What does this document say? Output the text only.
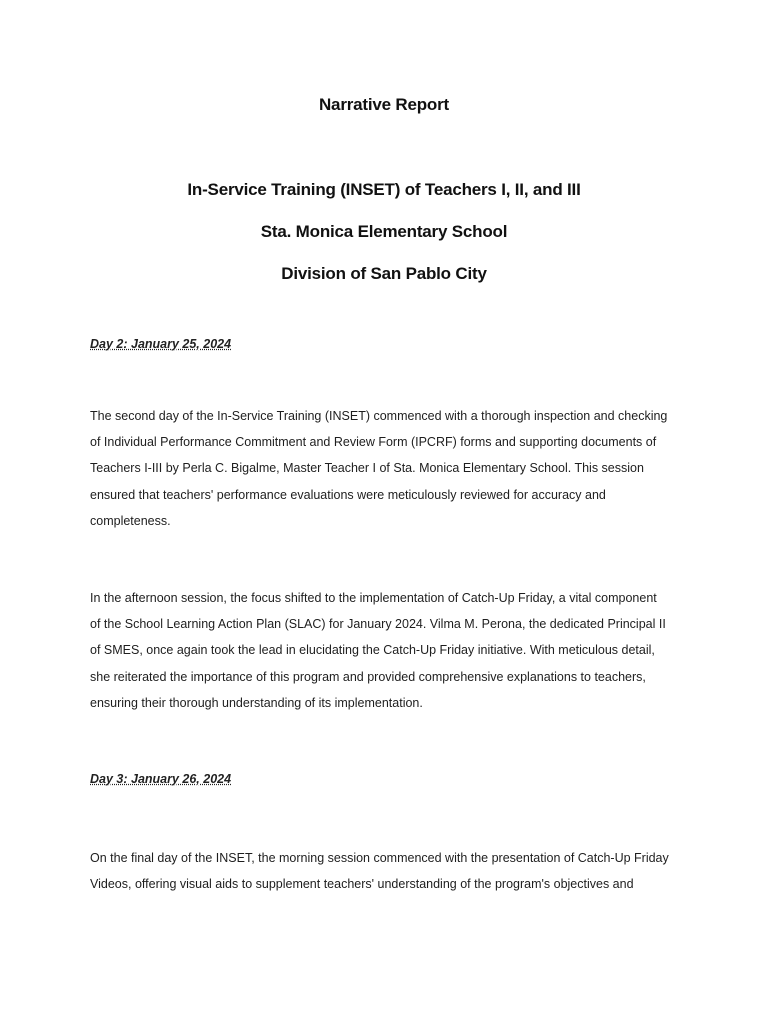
Narrative Report
In-Service Training (INSET) of Teachers I, II, and III
Sta. Monica Elementary School
Division of San Pablo City

Day 2: January 25, 2024

The second day of the In-Service Training (INSET) commenced with a thorough inspection and checking
of Individual Performance Commitment and Review Form (IPCRF) forms and supporting documents of
Teachers I-III by Perla C. Bigalme, Master Teacher I of Sta. Monica Elementary School. This session
ensured that teachers' performance evaluations were meticulously reviewed for accuracy and
completeness.
In the afternoon session, the focus shifted to the implementation of Catch-Up Friday, a vital component
of the School Learning Action Plan (SLAC) for January 2024. Vilma M. Perona, the dedicated Principal II
of SMES, once again took the lead in elucidating the Catch-Up Friday initiative. With meticulous detail,
she reiterated the importance of this program and provided comprehensive explanations to teachers,
ensuring their thorough understanding of its implementation.

Day 3: January 26, 2024

On the final day of the INSET, the morning session commenced with the presentation of Catch-Up Friday
Videos, offering visual aids to supplement teachers' understanding of the program's objectives and
